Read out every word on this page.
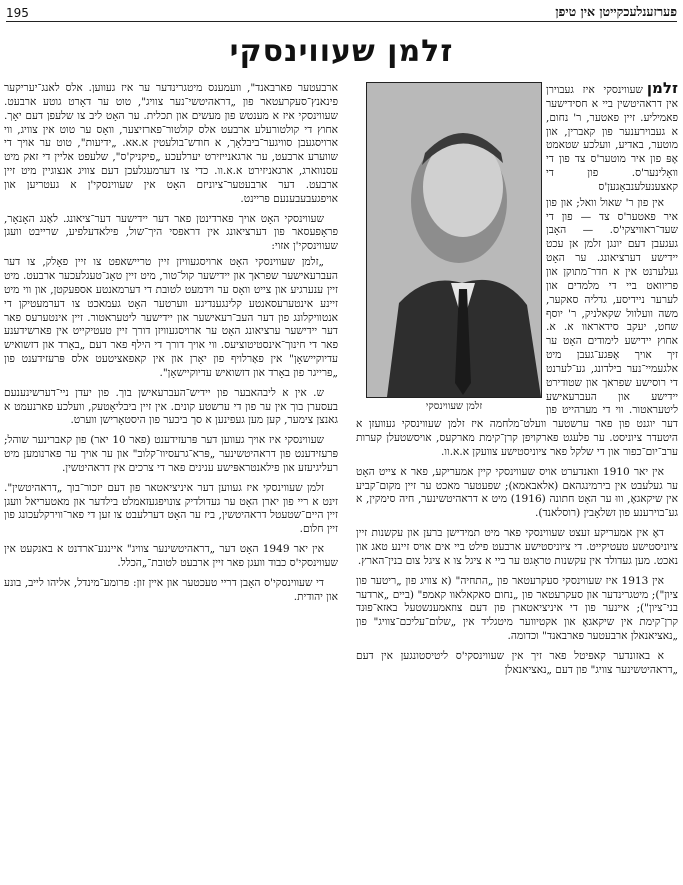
195	פערזענלעכקייטן אין טיפן
זלמן שעווינסקי
זלמן שעווינסקי

זלמןשעווינסקי איז געבוירן אין דראהיטשין ביי א חסידישער פאמיליע. זיין פאטער, ר' נחום, א געבוירענער פון קאברין, און מוטער, באדיע, וועלכע שטאמט אָפּ פון איר מוטער'ס צד פון די וואָלינער'ס. פון די קאצענעלענבאָגען'ס

אין פון ר' שאול וואל; און פון איר פאטער'ס צד — פון די שעד־ראוויצקי'ס. — האָבן געגעבן דעם יונגן זלמן אן עכט יידישע דערציאונג. ער האָט געלערנט אין א חדר־מתוקן און פריוואט ביי די מלמדים און לערער ניידיסע, גדליה סאקער, משה וועלוול שקאלניק, ר' יוסף שחט, יעקב סידאראוו א. א. אחוץ יידישע לימודים האָט ער זיך אויך אָפּגע־געבן מיט אלגעמיי־נער בילדונג, גע־לערנט די רוסישע שפראך און שטודירט יידישע און העברעאישע ליטעראטור. ווי די מערהייט פון דער יוגנט פון פאר ערשטער וועלט־מלחמה איז זלמן שעווינסקי געוועזן א היטעדר ציוניסט. ער פלעגט פארקויפן קרן־קימת מארקעס, אויסשטעלן קערות ערב־יום־כפור און די שלקל פאר ציוניסטישע צוועקן א.א.וו.

אין יאר 1910 וואנדערט אויס שעווינסקי קיין אמעריקע, פאר א צייט האָט ער געלעבט אין בירמינגהאם (אלאבאמא); שפעטער מאכט ער זיין מקום־קביע אין שיקאגאָ, וווּ ער האָט חתונה (1916) מיט א דראהיטשינער, חיה סימקין, א גע־בוירענע פון זשלאָבין (רוסלאנד).

דאָ אין אמעריקע זעצט שעווינסקי פאר מיט תמידישן ברען און עקשנות זיין ציוניסטישע טעטיקייט. די ציוניסטישע ארבעט פילט ביי אים אויס זיינע טאג און נאכט. מען געדולד אין עקשנות טראָגט ער ביי א ציגל צו א ציגל צום בנין־הארץ.

אין 1913 איז שעווינסקי סעקרעטאר פון „התחיה" (א צוויג פון „ריטער פון ציון"); מיטגרינדער און סעקרעטאר פון „נחום סאקאלאוו קאמפ" (ביים „ארדער בני־ציון"); איינער פון די איניציאטארן פון דעם צוזאמענשטעל באזא־פוּנד קרן־קימת אין שיקאגאָ און אקטיווער מיטגליד אין „שלום־עליכם־צוויג" פון „נאציאנאלן ארבעטער פארבאנד" וכדומה.

א באזונדער קאפיטל פאר זיך אין שעווינסקי'ס ליטיסטונגען אין דעם „דראהיטשינער צוויג" פון דעם „נאציאנאלן

ארבעטער פארבאנד", וועמענס מיטגרינדער ער איז געווען. אלס לאנג־יעריקער פינאנץ־סעקרעטאר פון „דראהיטשי־נער צוויג", טוט ער דאָרט גוטע ארבעט. שעווינסקי איז א מענטש פון מעשים און תכלית. ער האָט ליב צו שלעפן דעם יאָך. אחוץ די קולטורעלע ארבעט אלס קולטור־פארזיצער, וואָס ער טוט אין צוויג, ווי ארויסגעבן סוויגער־ביבלאָך, א חודש־בולעטין א.אא. „ידיעות", טוט ער אויך די שווערע ארבעט, ער ארגאנייזירט יערלעכע „פיקניק'ס", שלעפט אליין די זאק מיט עסנווארג, ארגאניזירט א.א.וו. כדי צו דערמעגלעכן דעם צוויג אנצוגיין מיט זיין ארבעט. דער ארבעטער־ציוניזם האָט אין שעווינסקי'ן א געטריען און אויפגעבעבענעם פריינט.

שעווינסקי האָט אויך פארדינטן פאר דער יידישער דער־ציאונג. לאַנג האָנאָר, פראָפעסאר פון דערציאונג אין דראפסי היך־שול, פילאדעלפיע, שרייבט וועגן שעווינסקי'ן אזוי:

„זלמן שעווינסקי האָט ארויסגעוויזן זיין טריישאפט צו זיין פאָלק, צו דער העברעאישער שפראך און יידישער קול־טור, מיט זיין טאָג־טעגלעכער ארבעט. מיט זיין ענערגיע און צייט וואָס ער וידמעט לטובת די דערמאנטע אספעקטן, און ווי מיט זיינע אינטערעסאנטע קלינגענדיגע ווערטער האָט געמאכט צו דערמעטיקן די אנטוויקלונג פון דער העב־רעאישער און יידישער ליטעראטור. זיין אינטערעס פאר דער יידישער ערציאונג האָט ער ארויסגעוויזן דורך זיין טעטיקייט אין פארשידענע פאר די חינוך־אינסטיטוציעס. ווי אויך דורך די הילף פאר דעם „באָרד און דזשואיש עדיוקיישאָן" אין פאַרלויף פון יאָרן און אין קאפאציטעט אלס פּרעזידענט פון „פרייגר פון באָרד און דזשואיש עדיוקיישאָן".

ש. אין א ליבהאבער פון יידיש־העברעאישן בוך. פון יעדן ניי־דערשינענעם בעסערן בוך אין ער פון די ערשטע קונים. אין זיין ביבליאָטעק, וועלכע פארנעמט א גאנצן צימער, קען מען געפינען א סך ביכער פון היסטאָרישן ווערט.

שעווינסקי איז אויך געווען דער פּרעזידענט (פאר 10 יאר) פון קאברינער שוהל; פּרעזידענט פון דראהיטשינער „פּרא־גרעסיוו־קלוב" און ער אויך ער פארנומען מיט רעליגיעזע און פילאנטראפּישע ענינים פאר די צרכים אין דראהיטשין.

זלמן שעווינסקי איז געווען דער איניציאטאר פון דעם יזכור־בוך „דראהיטשין". זינט א ריי פון יארן האָט ער געדולדיק צונויפגעזאמלט בילדער און מאטעריאל וועגן זיין היים־שטעטל דראהיטשין, ביז ער האָט דערלעבט צו זען די פאר־ווירקלעכונג פון זיין חלום.

אין יאר 1949 האָט דער „דראהיטשינער צוויג" איינגע־ארדנט א באנקעט אין שעווינסקי'ס כבוד וועגן פאר זיין ארבעט לטובת־„הכלל.

די שעווינסקי'ס האָבן דריי טעכטער און איין זון: פרומע־מינדל, אליהו לייב, בונע און יהודית.
